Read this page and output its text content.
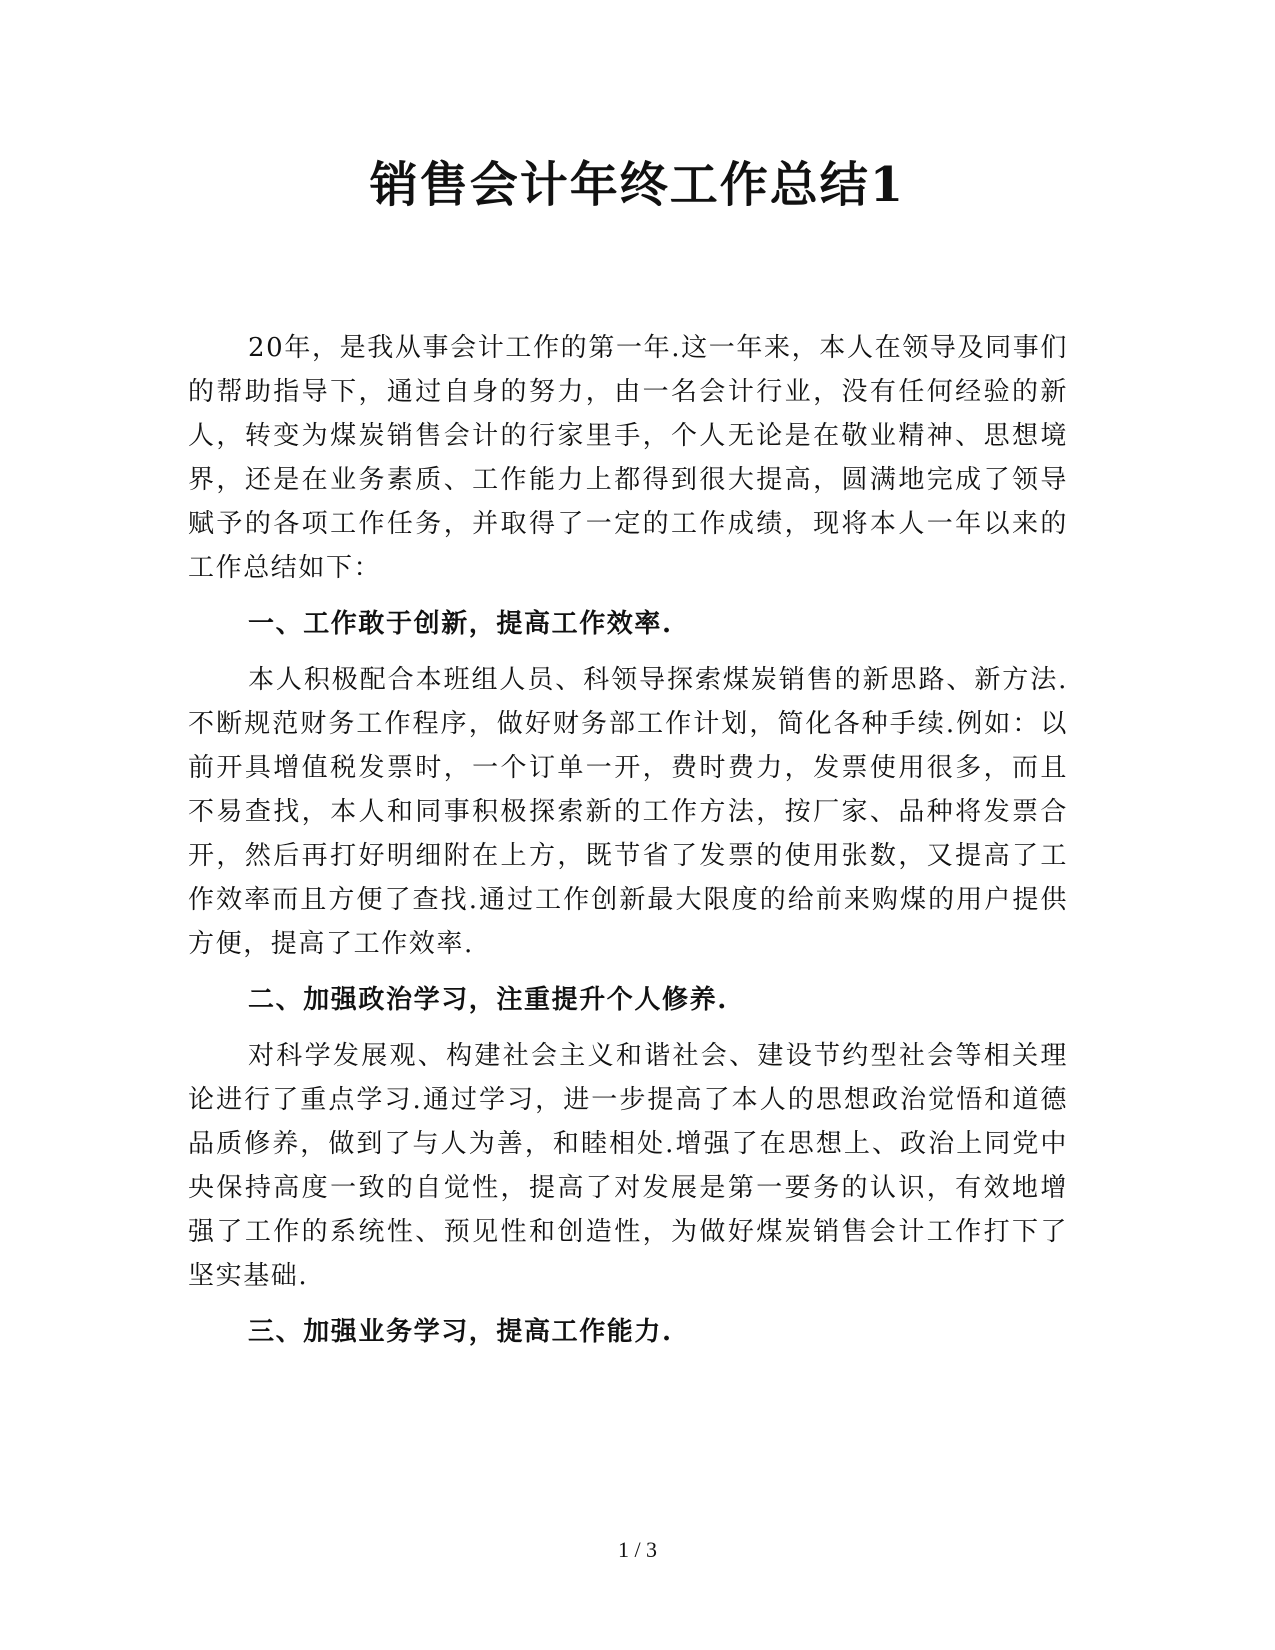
销售会计年终工作总结1

20年，是我从事会计工作的第一年.这一年来，本人在领导及同事们的帮助指导下，通过自身的努力，由一名会计行业，没有任何经验的新人，转变为煤炭销售会计的行家里手，个人无论是在敬业精神、思想境界，还是在业务素质、工作能力上都得到很大提高，圆满地完成了领导赋予的各项工作任务，并取得了一定的工作成绩，现将本人一年以来的工作总结如下：

一、工作敢于创新，提高工作效率.

本人积极配合本班组人员、科领导探索煤炭销售的新思路、新方法.不断规范财务工作程序，做好财务部工作计划，简化各种手续.例如：以前开具增值税发票时，一个订单一开，费时费力，发票使用很多，而且不易查找，本人和同事积极探索新的工作方法，按厂家、品种将发票合开，然后再打好明细附在上方，既节省了发票的使用张数，又提高了工作效率而且方便了查找.通过工作创新最大限度的给前来购煤的用户提供方便，提高了工作效率.

二、加强政治学习，注重提升个人修养.

对科学发展观、构建社会主义和谐社会、建设节约型社会等相关理论进行了重点学习.通过学习，进一步提高了本人的思想政治觉悟和道德品质修养，做到了与人为善，和睦相处.增强了在思想上、政治上同党中央保持高度一致的自觉性，提高了对发展是第一要务的认识，有效地增强了工作的系统性、预见性和创造性，为做好煤炭销售会计工作打下了坚实基础.

三、加强业务学习，提高工作能力.

1 / 3
